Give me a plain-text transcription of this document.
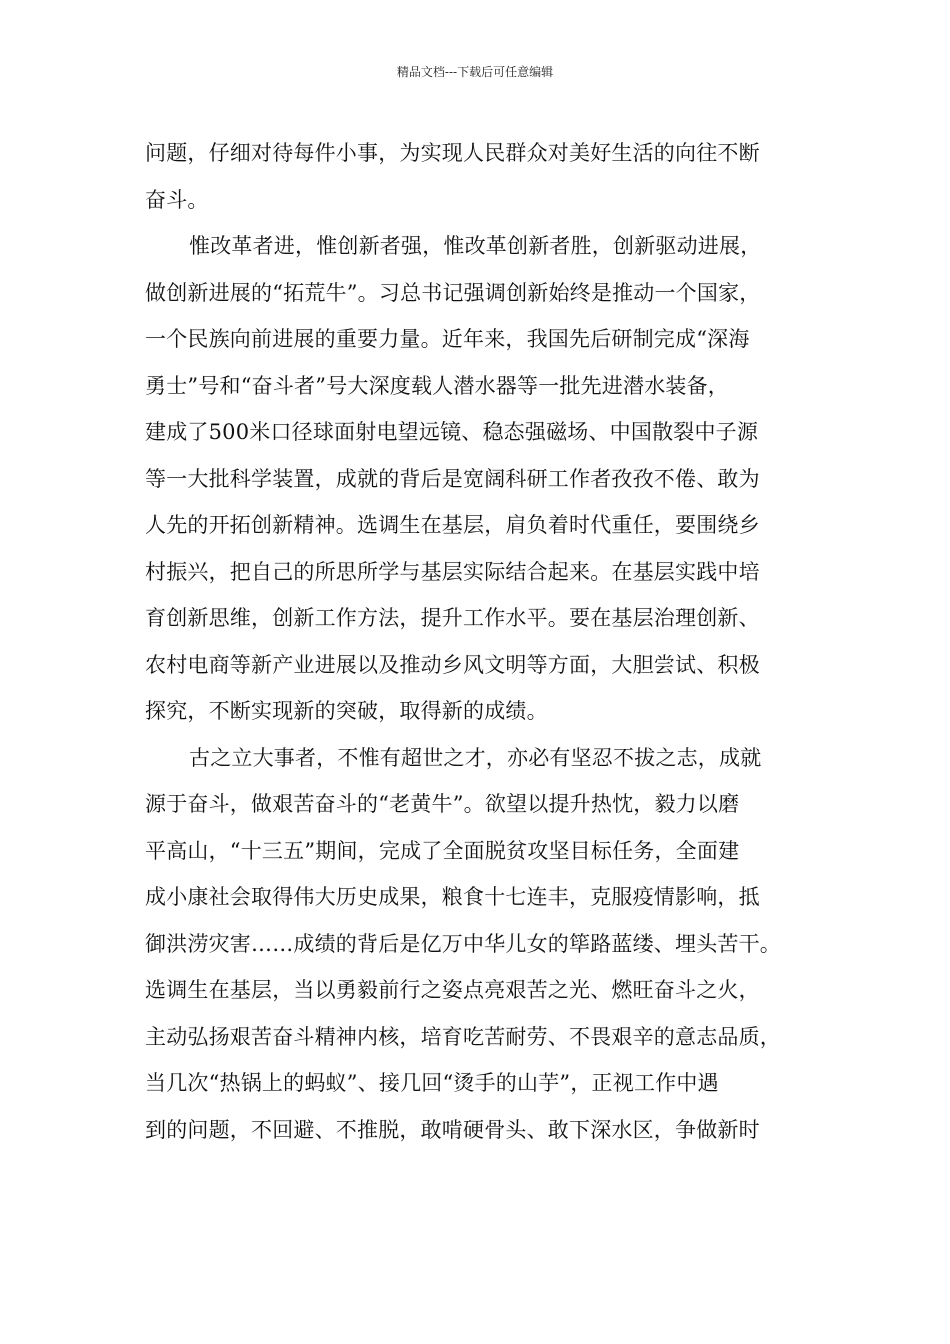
精品文档---下载后可任意编辑
问题，仔细对待每件小事，为实现人民群众对美好生活的向往不断
奋斗。
惟改革者进，惟创新者强，惟改革创新者胜，创新驱动进展，
做创新进展的“拓荒牛”。习总书记强调创新始终是推动一个国家，
一个民族向前进展的重要力量。近年来，我国先后研制完成“深海
勇士”号和“奋斗者”号大深度载人潜水器等一批先进潜水装备，
建成了500米口径球面射电望远镜、稳态强磁场、中国散裂中子源
等一大批科学装置，成就的背后是宽阔科研工作者孜孜不倦、敢为
人先的开拓创新精神。选调生在基层，肩负着时代重任，要围绕乡
村振兴，把自己的所思所学与基层实际结合起来。在基层实践中培
育创新思维，创新工作方法，提升工作水平。要在基层治理创新、
农村电商等新产业进展以及推动乡风文明等方面，大胆尝试、积极
探究，不断实现新的突破，取得新的成绩。
古之立大事者，不惟有超世之才，亦必有坚忍不拔之志，成就
源于奋斗，做艰苦奋斗的“老黄牛”。欲望以提升热忱，毅力以磨
平高山，“十三五”期间，完成了全面脱贫攻坚目标任务，全面建
成小康社会取得伟大历史成果，粮食十七连丰，克服疫情影响，抵
御洪涝灾害……成绩的背后是亿万中华儿女的筚路蓝缕、埋头苦干。
选调生在基层，当以勇毅前行之姿点亮艰苦之光、燃旺奋斗之火，
主动弘扬艰苦奋斗精神内核，培育吃苦耐劳、不畏艰辛的意志品质，
当几次“热锅上的蚂蚁”、接几回“烫手的山芋”，正视工作中遇
到的问题，不回避、不推脱，敢啃硬骨头、敢下深水区，争做新时
